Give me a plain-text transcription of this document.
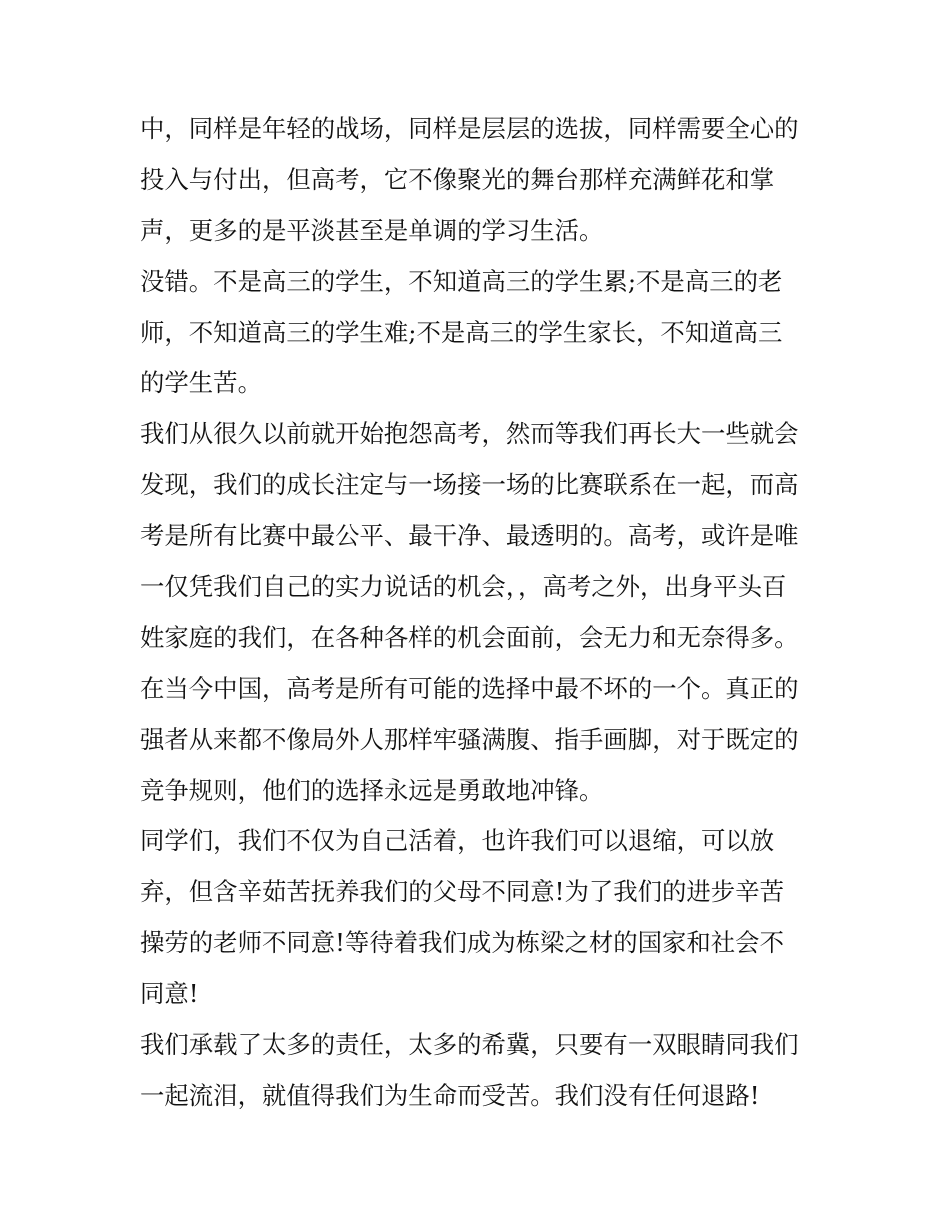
中，同样是年轻的战场，同样是层层的选拔，同样需要全心的
投入与付出，但高考，它不像聚光的舞台那样充满鲜花和掌
声，更多的是平淡甚至是单调的学习生活。

没错。不是高三的学生，不知道高三的学生累;不是高三的老
师，不知道高三的学生难;不是高三的学生家长，不知道高三
的学生苦。

我们从很久以前就开始抱怨高考，然而等我们再长大一些就会
发现，我们的成长注定与一场接一场的比赛联系在一起，而高
考是所有比赛中最公平、最干净、最透明的。高考，或许是唯
一仅凭我们自己的实力说话的机会，，高考之外，出身平头百
姓家庭的我们，在各种各样的机会面前，会无力和无奈得多。

在当今中国，高考是所有可能的选择中最不坏的一个。真正的
强者从来都不像局外人那样牢骚满腹、指手画脚，对于既定的
竞争规则，他们的选择永远是勇敢地冲锋。

同学们，我们不仅为自己活着，也许我们可以退缩，可以放
弃，但含辛茹苦抚养我们的父母不同意!为了我们的进步辛苦
操劳的老师不同意!等待着我们成为栋梁之材的国家和社会不
同意!

我们承载了太多的责任，太多的希冀，只要有一双眼睛同我们
一起流泪，就值得我们为生命而受苦。我们没有任何退路!
